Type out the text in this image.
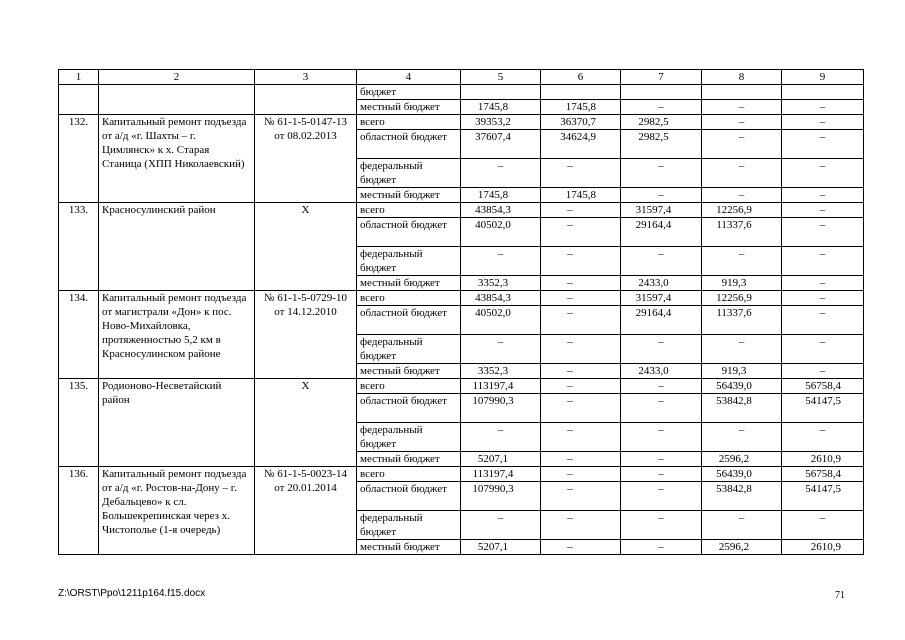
1	2	3	4	5	6	7	8	9
			бюджет					
			местный бюджет	1745,8	1745,8	–	–	–
132.	Капитальный ремонт подъезда от а/д «г. Шахты – г. Цимлянск» к х. Старая Станица (ХПП Николаевский)	№ 61-1-5-0147-13 от 08.02.2013	всего	39353,2	36370,7	2982,5	–	–
			областной бюджет	37607,4	34624,9	2982,5	–	–
			федеральный бюджет	–	–	–	–	–
			местный бюджет	1745,8	1745,8	–	–	–
133.	Красносулинский район	Х	всего	43854,3	–	31597,4	12256,9	–
			областной бюджет	40502,0	–	29164,4	11337,6	–
			федеральный бюджет	–	–	–	–	–
			местный бюджет	3352,3	–	2433,0	919,3	–
134.	Капитальный ремонт подъезда от магистрали «Дон» к пос. Ново-Михайловка, протяженностью 5,2 км в Красносулинском районе	№ 61-1-5-0729-10 от 14.12.2010	всего	43854,3	–	31597,4	12256,9	–
			областной бюджет	40502,0	–	29164,4	11337,6	–
			федеральный бюджет	–	–	–	–	–
			местный бюджет	3352,3	–	2433,0	919,3	–
135.	Родионово-Несветайский район	Х	всего	113197,4	–	–	56439,0	56758,4
			областной бюджет	107990,3	–	–	53842,8	54147,5
			федеральный бюджет	–	–	–	–	–
			местный бюджет	5207,1	–	–	2596,2	2610,9
136.	Капитальный ремонт подъезда от а/д «г. Ростов-на-Дону – г. Дебальцево» к сл. Большекрепинская через х. Чистополье (1-я очередь)	№ 61-1-5-0023-14 от 20.01.2014	всего	113197,4	–	–	56439,0	56758,4
			областной бюджет	107990,3	–	–	53842,8	54147,5
			федеральный бюджет	–	–	–	–	–
			местный бюджет	5207,1	–	–	2596,2	2610,9
Z:\ORST\Ppo\1211p164.f15.docx	71
